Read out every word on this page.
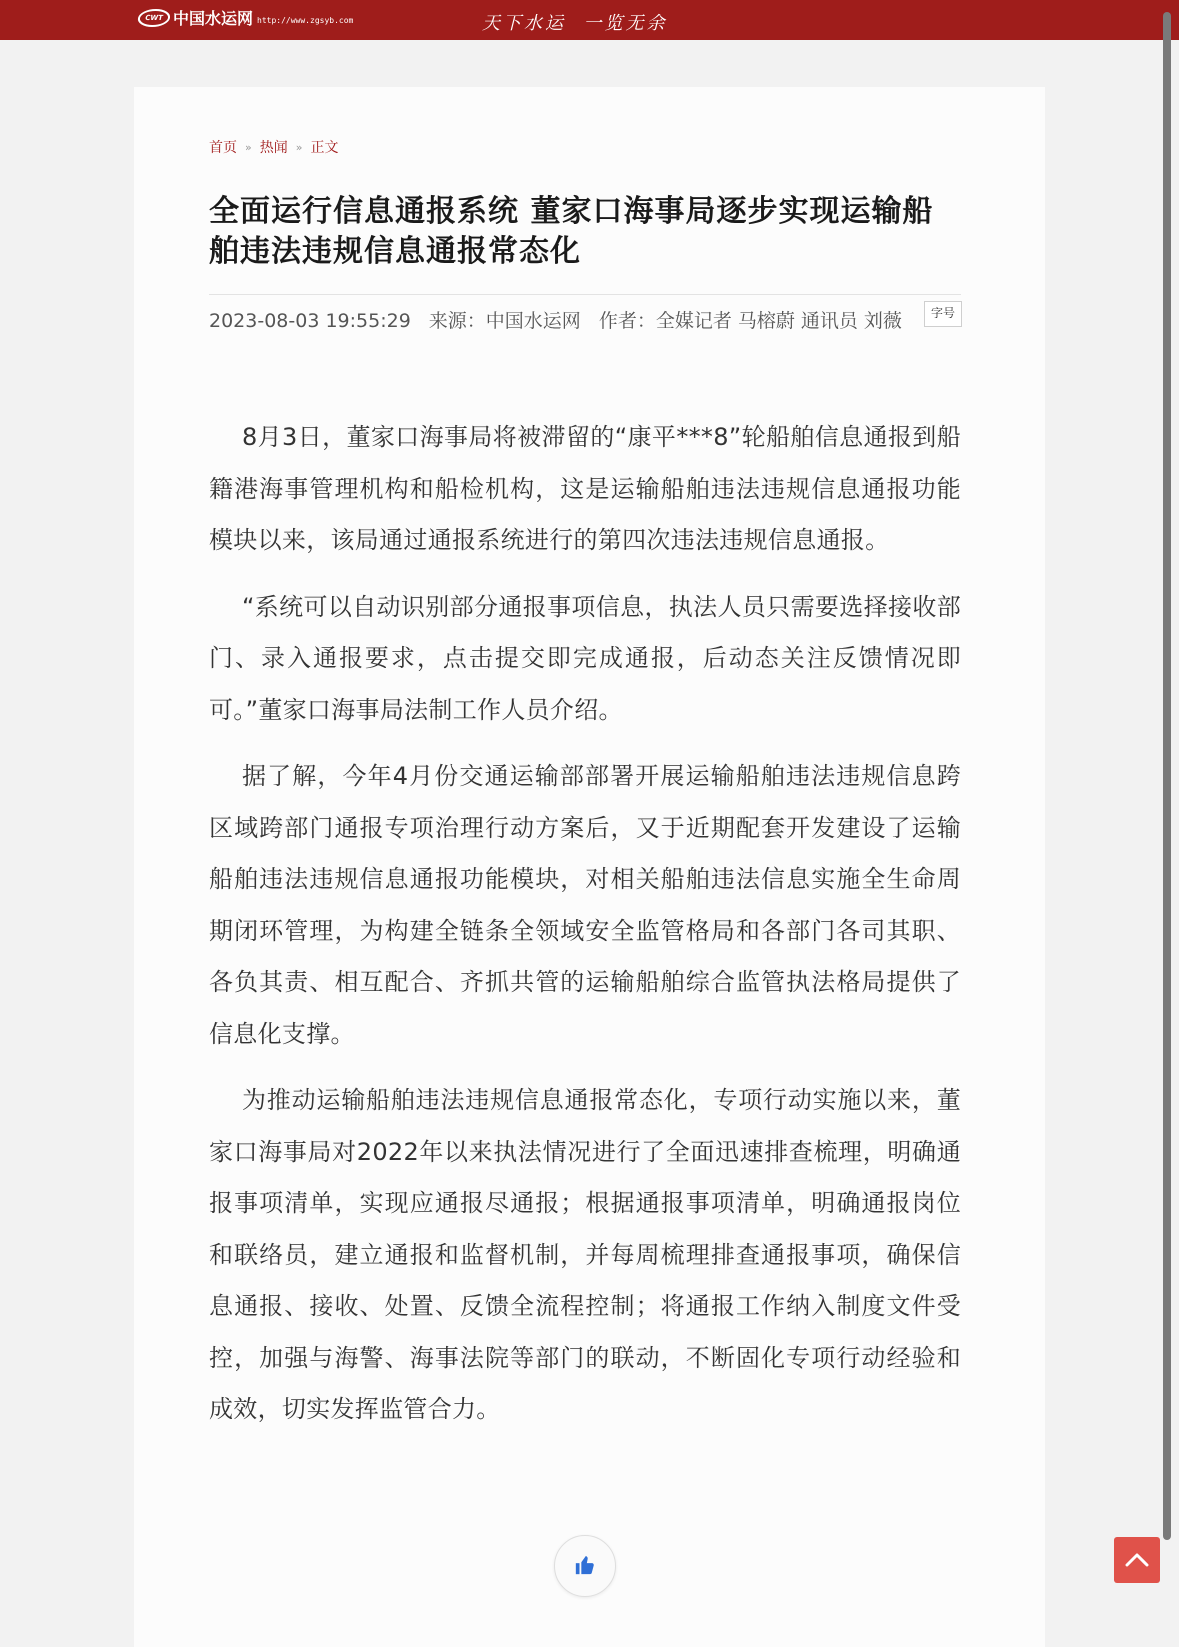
CWT 中国水运网 http://www.zgsyb.com	天下水运  一览无余
首页 » 热闻 » 正文
全面运行信息通报系统 董家口海事局逐步实现运输船舶违法违规信息通报常态化
2023-08-03 19:55:29 来源：中国水运网 作者：全媒记者 马榕蔚 通讯员 刘薇	字号

8月3日，董家口海事局将被滞留的“康平***8”轮船舶信息通报到船籍港海事管理机构和船检机构，这是运输船舶违法违规信息通报功能模块以来，该局通过通报系统进行的第四次违法违规信息通报。

“系统可以自动识别部分通报事项信息，执法人员只需要选择接收部门、录入通报要求，点击提交即完成通报，后动态关注反馈情况即可。”董家口海事局法制工作人员介绍。

据了解，今年4月份交通运输部部署开展运输船舶违法违规信息跨区域跨部门通报专项治理行动方案后，又于近期配套开发建设了运输船舶违法违规信息通报功能模块，对相关船舶违法信息实施全生命周期闭环管理，为构建全链条全领域安全监管格局和各部门各司其职、各负其责、相互配合、齐抓共管的运输船舶综合监管执法格局提供了信息化支撑。

为推动运输船舶违法违规信息通报常态化，专项行动实施以来，董家口海事局对2022年以来执法情况进行了全面迅速排查梳理，明确通报事项清单，实现应通报尽通报；根据通报事项清单，明确通报岗位和联络员，建立通报和监督机制，并每周梳理排查通报事项，确保信息通报、接收、处置、反馈全流程控制；将通报工作纳入制度文件受控，加强与海警、海事法院等部门的联动，不断固化专项行动经验和成效，切实发挥监管合力。
